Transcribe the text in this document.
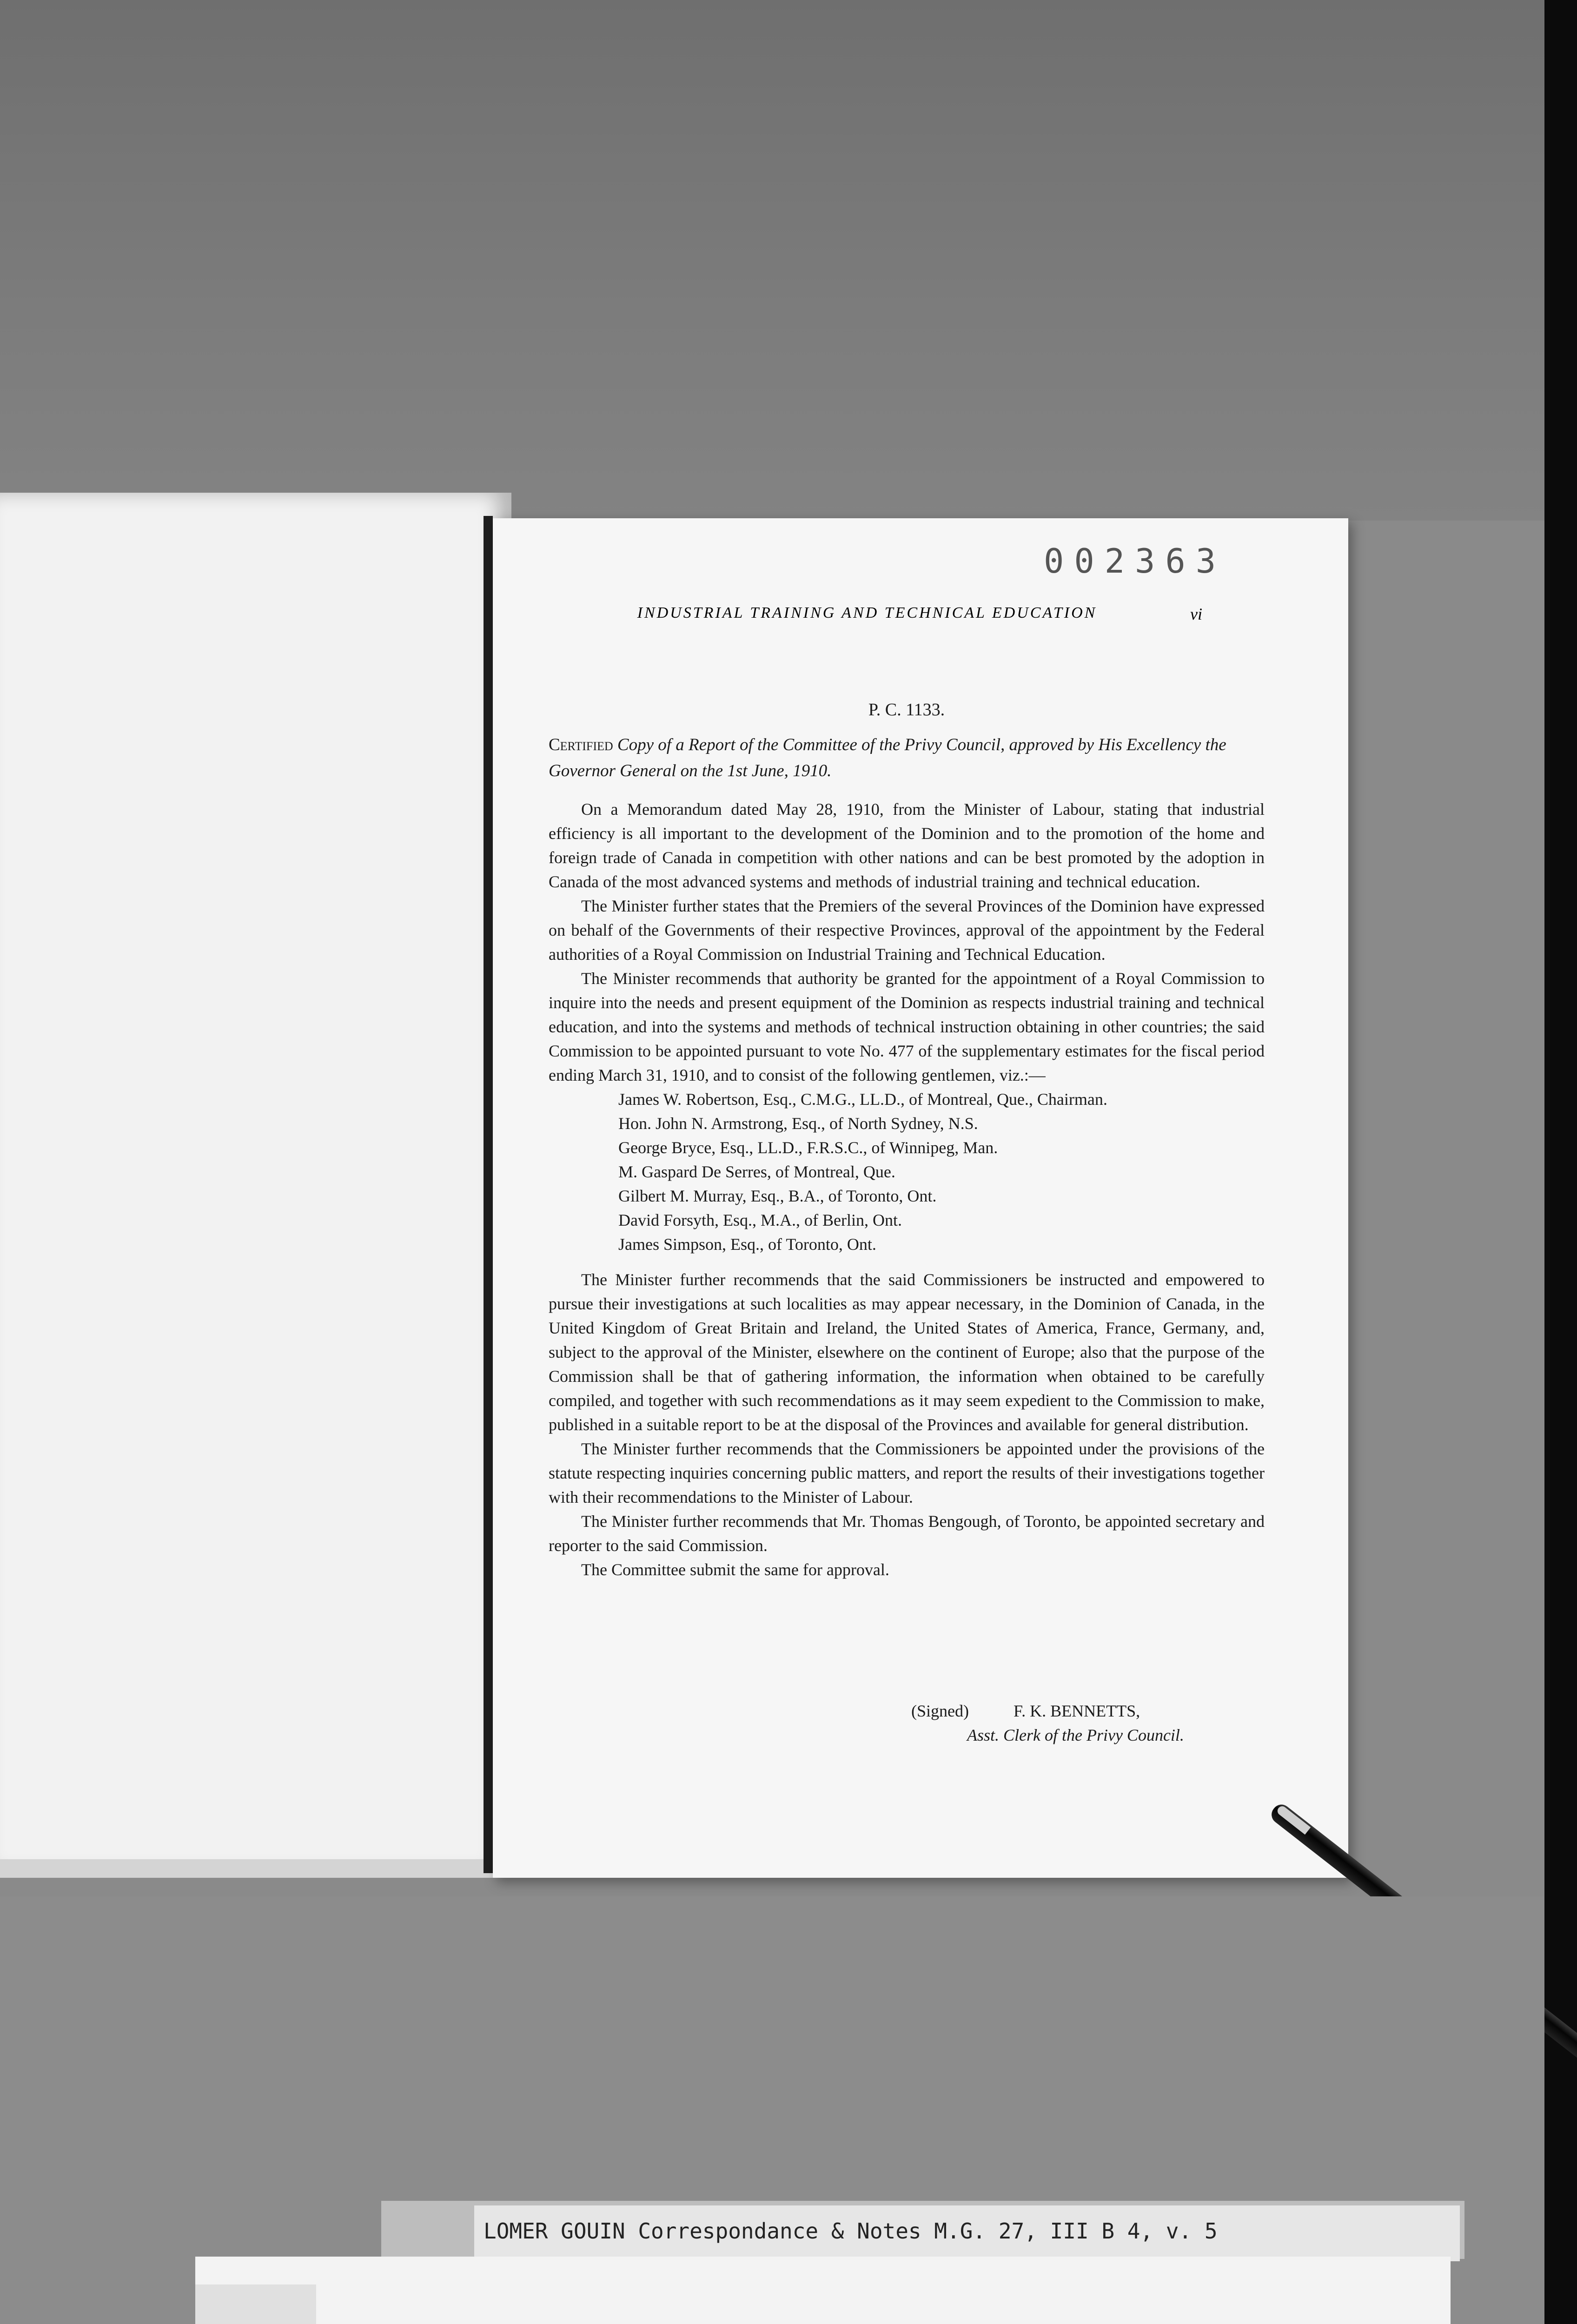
002363
INDUSTRIAL TRAINING AND TECHNICAL EDUCATION	vi
P. C. 1133.
Certified Copy of a Report of the Committee of the Privy Council, approved by His Excellency the Governor General on the 1st June, 1910.

On a Memorandum dated May 28, 1910, from the Minister of Labour, stating that industrial efficiency is all important to the development of the Dominion and to the promotion of the home and foreign trade of Canada in competition with other nations and can be best promoted by the adoption in Canada of the most advanced systems and methods of industrial training and technical education.

The Minister further states that the Premiers of the several Provinces of the Dominion have expressed on behalf of the Governments of their respective Provinces, approval of the appointment by the Federal authorities of a Royal Commission on Industrial Training and Technical Education.

The Minister recommends that authority be granted for the appointment of a Royal Commission to inquire into the needs and present equipment of the Dominion as respects industrial training and technical education, and into the systems and methods of technical instruction obtaining in other countries; the said Commission to be appointed pursuant to vote No. 477 of the supplementary estimates for the fiscal period ending March 31, 1910, and to consist of the following gentlemen, viz.:—

James W. Robertson, Esq., C.M.G., LL.D., of Montreal, Que., Chairman.
Hon. John N. Armstrong, Esq., of North Sydney, N.S.
George Bryce, Esq., LL.D., F.R.S.C., of Winnipeg, Man.
M. Gaspard De Serres, of Montreal, Que.
Gilbert M. Murray, Esq., B.A., of Toronto, Ont.
David Forsyth, Esq., M.A., of Berlin, Ont.
James Simpson, Esq., of Toronto, Ont.

The Minister further recommends that the said Commissioners be instructed and empowered to pursue their investigations at such localities as may appear necessary, in the Dominion of Canada, in the United Kingdom of Great Britain and Ireland, the United States of America, France, Germany, and, subject to the approval of the Minister, elsewhere on the continent of Europe; also that the purpose of the Commission shall be that of gathering information, the information when obtained to be carefully compiled, and together with such recommendations as it may seem expedient to the Commission to make, published in a suitable report to be at the disposal of the Provinces and available for general distribution.

The Minister further recommends that the Commissioners be appointed under the provisions of the statute respecting inquiries concerning public matters, and report the results of their investigations together with their recommendations to the Minister of Labour.

The Minister further recommends that Mr. Thomas Bengough, of Toronto, be appointed secretary and reporter to the said Commission.

The Committee submit the same for approval.

(Signed)	F. K. BENNETTS,
Asst. Clerk of the Privy Council.
LOMER GOUIN Correspondance & Notes M.G. 27, III B 4, v. 5
